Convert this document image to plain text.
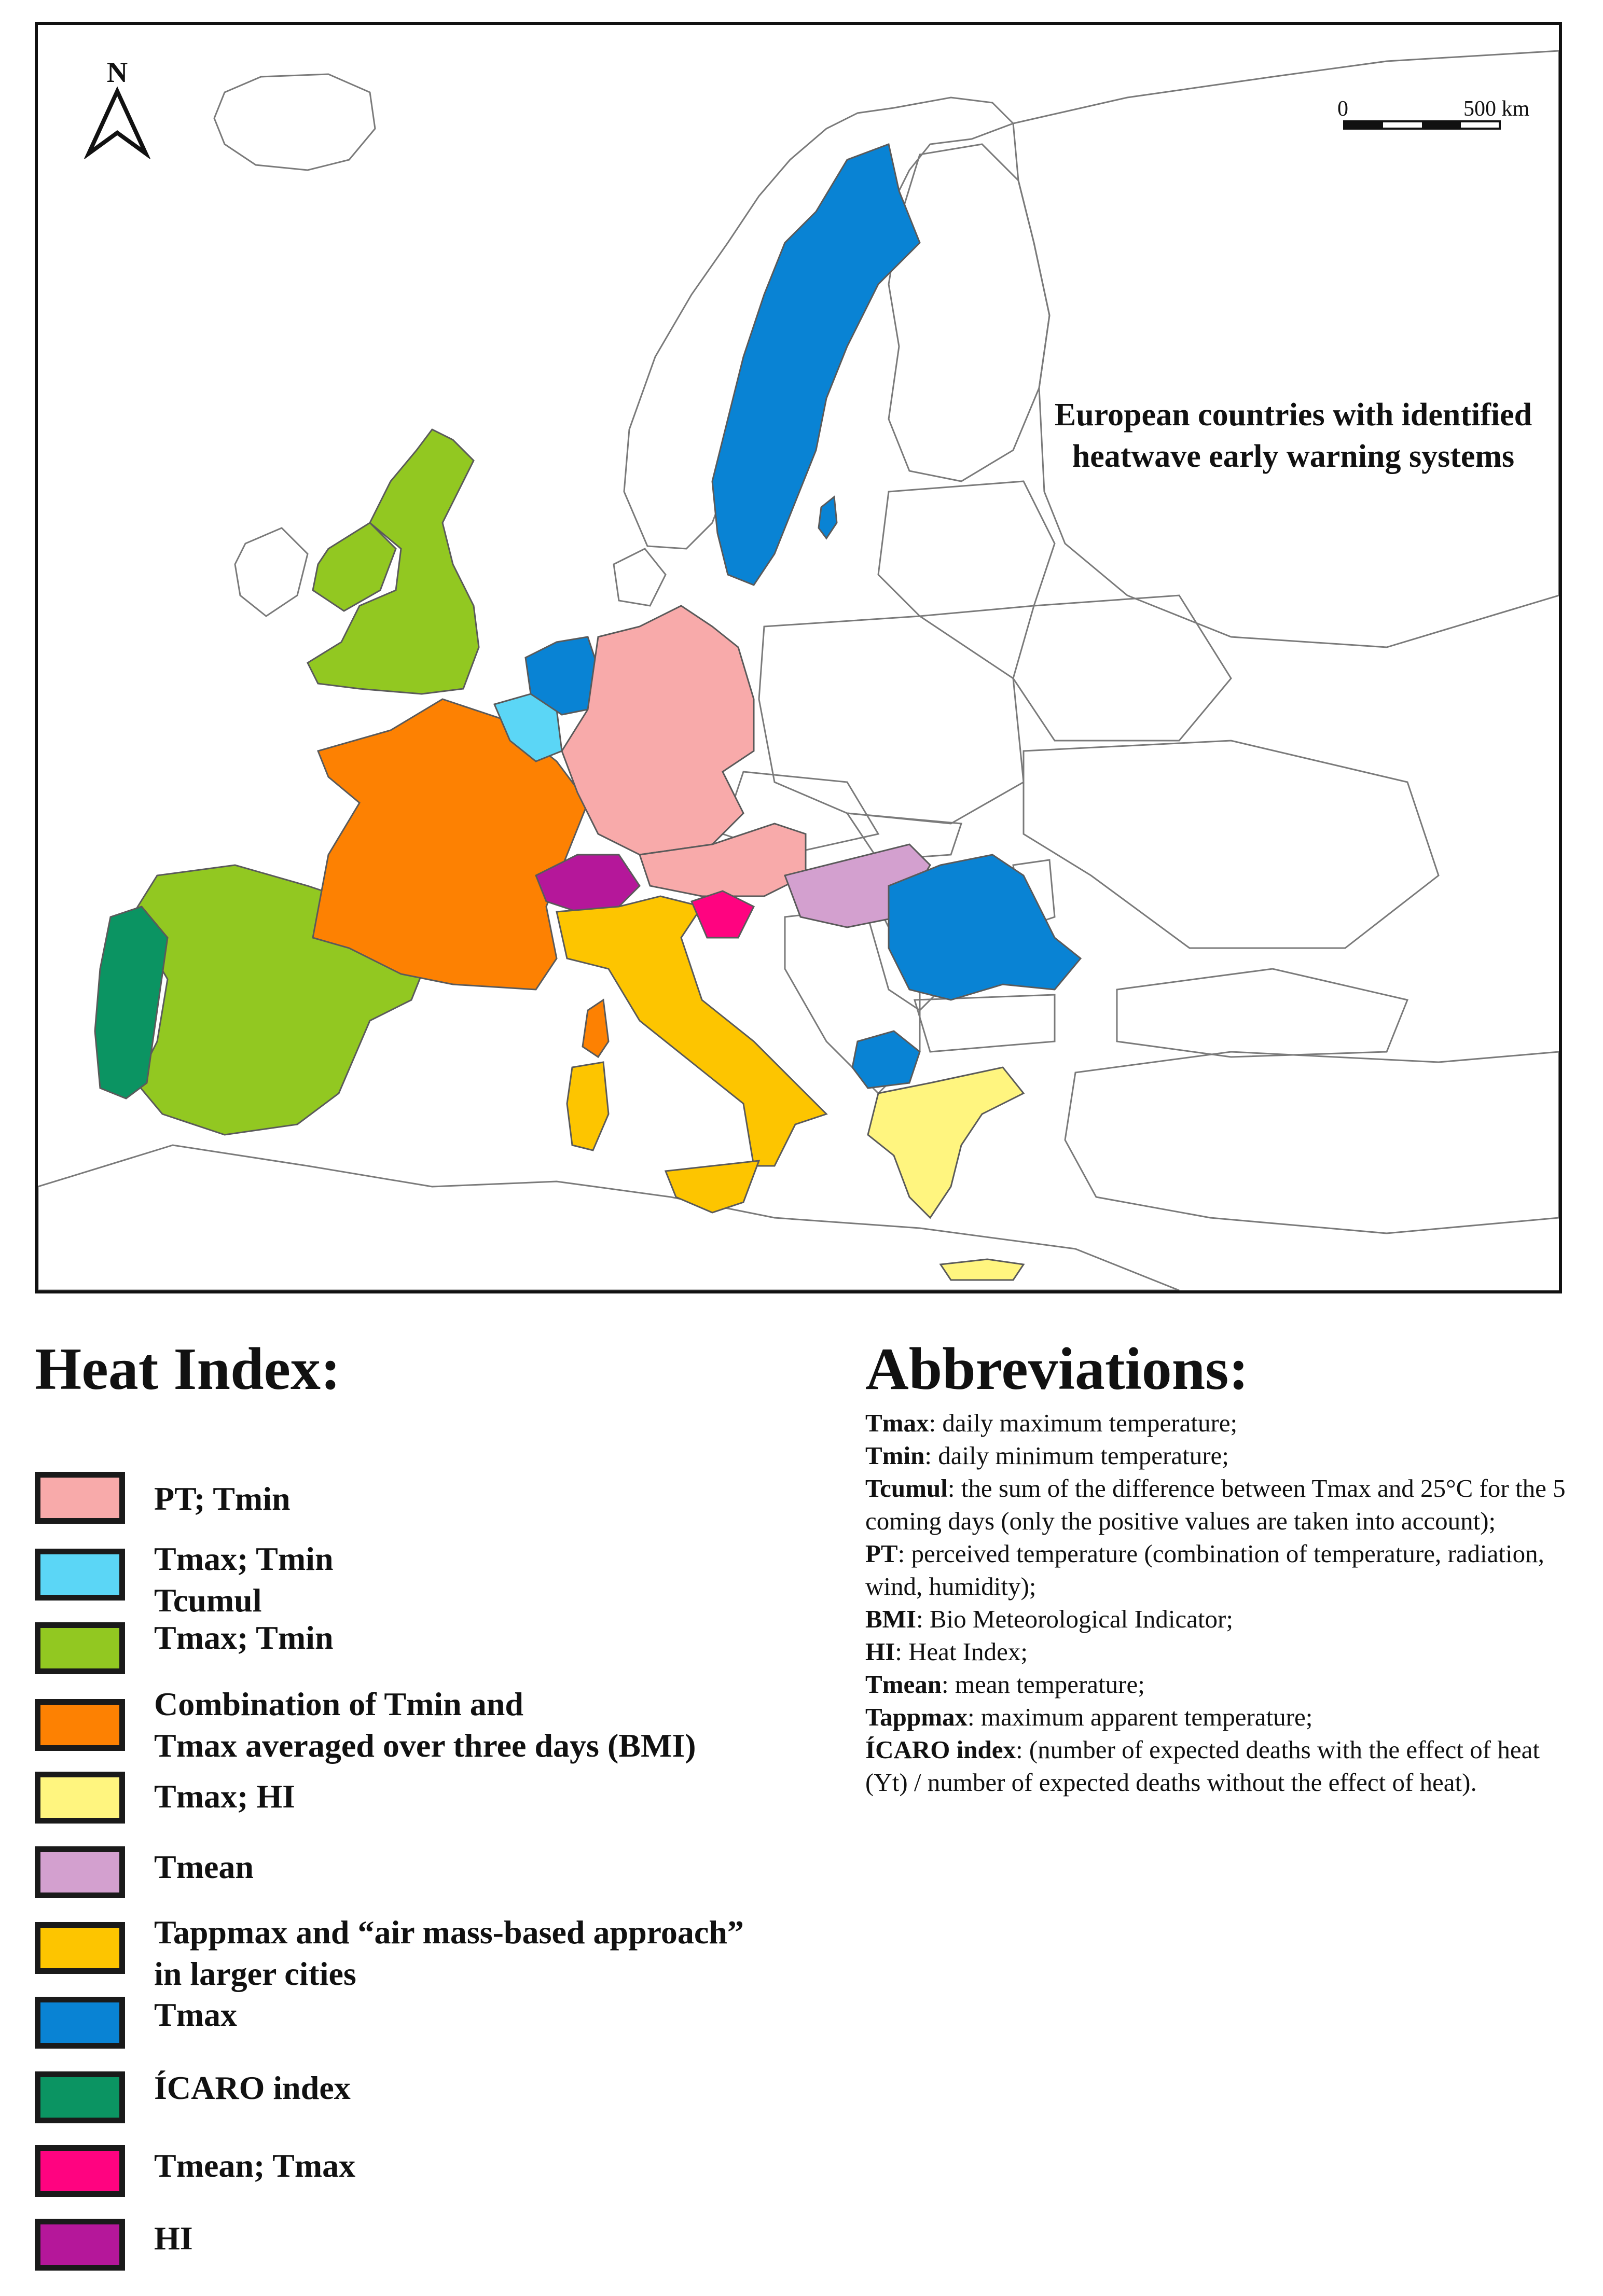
N
0	500 km
European countries with identified
heatwave early warning systems
Heat Index:	Abbreviations:
PT; Tmin
Tmax; Tmin
Tcumul
Tmax; Tmin
Combination of Tmin and
Tmax averaged over three days (BMI)
Tmax; HI
Tmean
Tappmax and “air mass-based approach”
in larger cities
Tmax
ÍCARO index
Tmean; Tmax
HI

Tmax: daily maximum temperature;

Tmin: daily minimum temperature;

Tcumul: the sum of the difference between Tmax and 25°C for the 5 coming days (only the positive values are taken into account);

PT: perceived temperature (combination of temperature, radiation, wind, humidity);

BMI: Bio Meteorological Indicator;

HI: Heat Index;

Tmean: mean temperature;

Tappmax: maximum apparent temperature;

ÍCARO index: (number of expected deaths with the effect of heat (Yt) / number of expected deaths without the effect of heat).
